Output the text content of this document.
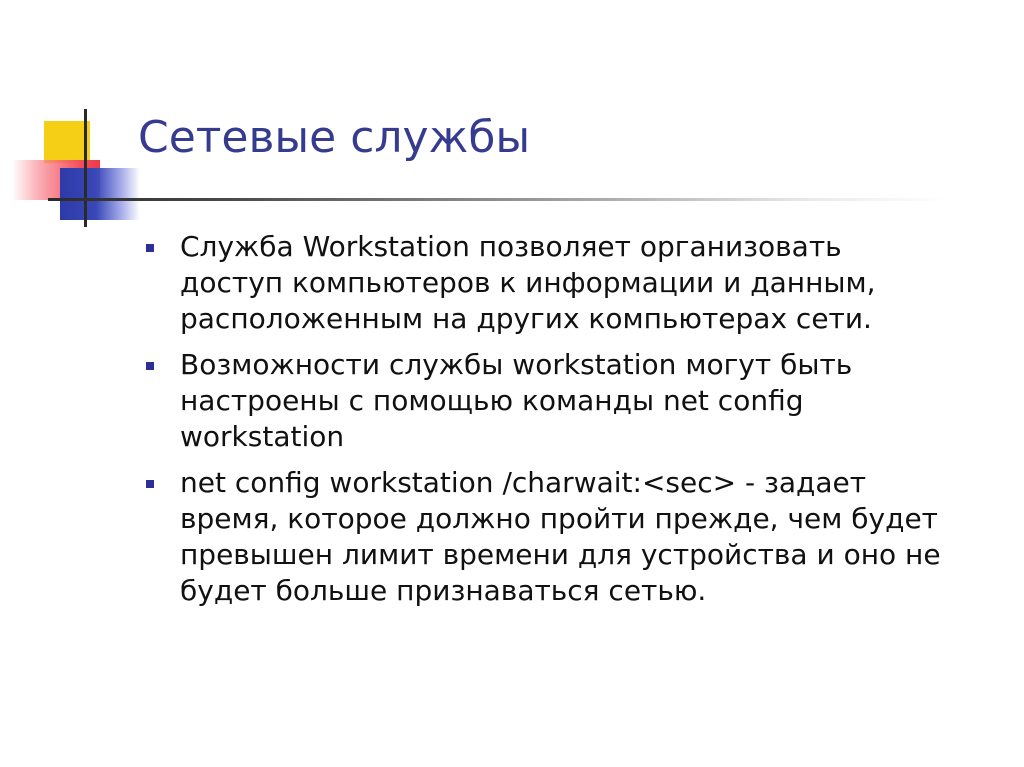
Сетевые службы
Служба Workstation позволяет организовать
доступ компьютеров к информации и данным,
расположенным на других компьютерах сети.
Возможности службы workstation могут быть
настроены с помощью команды net config
workstation
net config workstation /charwait:<sec> - задает
время, которое должно пройти прежде, чем будет
превышен лимит времени для устройства и оно не
будет больше признаваться сетью.
